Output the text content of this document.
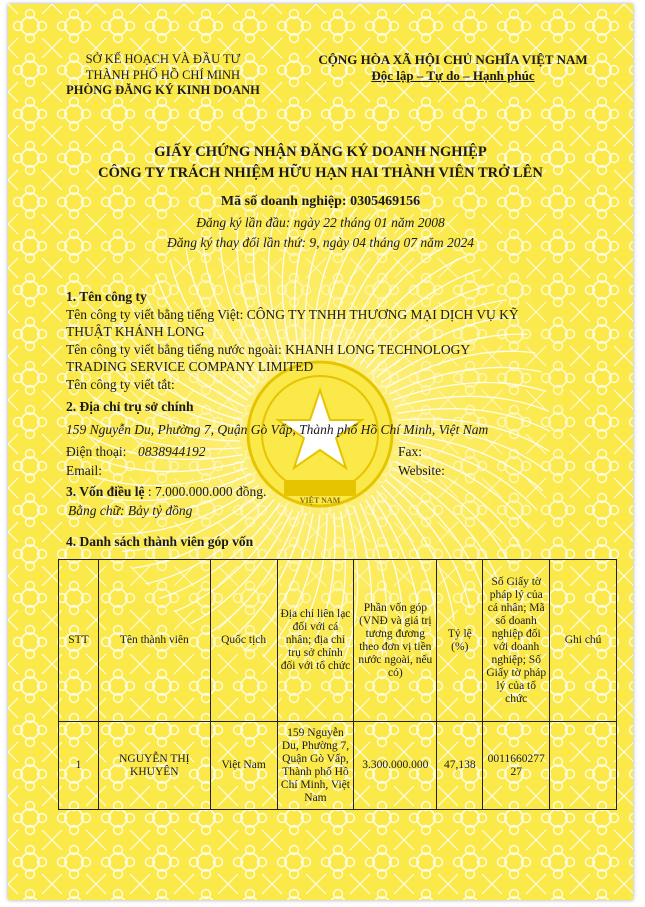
SỞ KẾ HOẠCH VÀ ĐẦU TƯ
THÀNH PHỐ HỒ CHÍ MINH
PHÒNG ĐĂNG KÝ KINH DOANH
CỘNG HÒA XÃ HỘI CHỦ NGHĨA VIỆT NAM
Độc lập – Tự do – Hạnh phúc
GIẤY CHỨNG NHẬN ĐĂNG KÝ DOANH NGHIỆP
CÔNG TY TRÁCH NHIỆM HỮU HẠN HAI THÀNH VIÊN TRỞ LÊN
Mã số doanh nghiệp: 0305469156
Đăng ký lần đầu: ngày 22 tháng 01 năm 2008
Đăng ký thay đổi lần thứ: 9, ngày 04 tháng 07 năm 2024
1. Tên công ty
Tên công ty viết bằng tiếng Việt: CÔNG TY TNHH THƯƠNG MẠI DỊCH VỤ KỸ
THUẬT KHÁNH LONG
Tên công ty viết bằng tiếng nước ngoài: KHANH LONG TECHNOLOGY
TRADING SERVICE COMPANY LIMITED
Tên công ty viết tắt:
2. Địa chỉ trụ sở chính
159 Nguyễn Du, Phường 7, Quận Gò Vấp, Thành phố Hồ Chí Minh, Việt Nam
Điện thoại: 0838944192	Fax:
Email:	Website:
3. Vốn điều lệ : 7.000.000.000 đồng.
Bằng chữ: Bảy tỷ đồng
4. Danh sách thành viên góp vốn
STT	Tên thành viên	Quốc tịch	Địa chỉ liên lạc đối với cá nhân; địa chỉ trụ sở chính đối với tổ chức	Phần vốn góp (VNĐ và giá trị tương đương theo đơn vị tiền nước ngoài, nếu có)	Tỷ lệ (%)	Số Giấy tờ pháp lý của cá nhân; Mã số doanh nghiệp đối với doanh nghiệp; Số Giấy tờ pháp lý của tổ chức	Ghi chú
1	NGUYỄN THỊ KHUYÊN	Việt Nam	159 Nguyễn Du, Phường 7, Quận Gò Vấp, Thành phố Hồ Chí Minh, Việt Nam	3.300.000.000	47,138	001166027727	
VIỆT NAM
